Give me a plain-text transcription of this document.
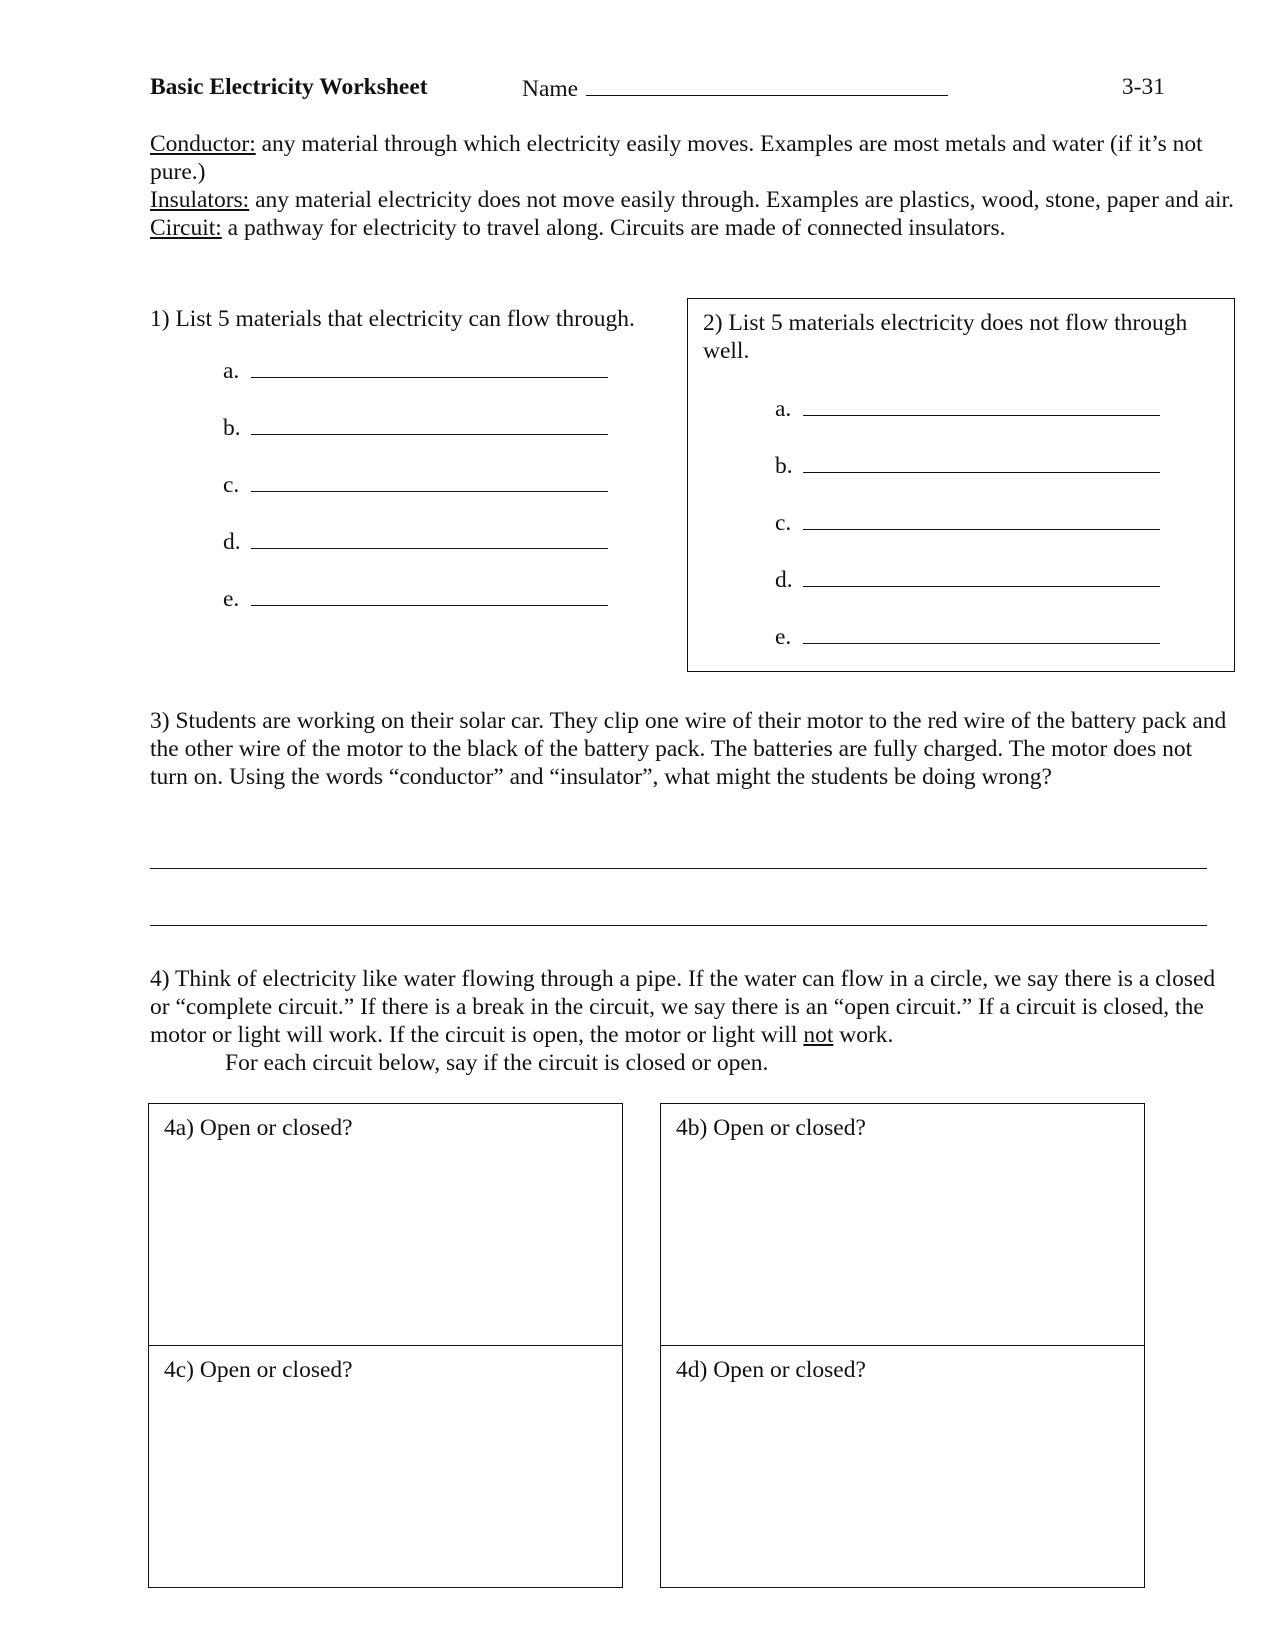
Basic Electricity Worksheet	Name	3-31

Conductor: any material through which electricity easily moves. Examples are most metals and water (if it’s not pure.)

Insulators: any material electricity does not move easily through. Examples are plastics, wood, stone, paper and air.

Circuit: a pathway for electricity to travel along. Circuits are made of connected insulators.

1) List 5 materials that electricity can flow through.
a.
b.
c.
d.
e.
2) List 5 materials electricity does not flow through well.
a.
b.
c.
d.
e.

3) Students are working on their solar car. They clip one wire of their motor to the red wire of the battery pack and the other wire of the motor to the black of the battery pack. The batteries are fully charged. The motor does not turn on. Using the words “conductor” and “insulator”, what might the students be doing wrong?

4) Think of electricity like water flowing through a pipe. If the water can flow in a circle, we say there is a closed or “complete circuit.” If there is a break in the circuit, we say there is an “open circuit.” If a circuit is closed, the motor or light will work. If the circuit is open, the motor or light will not work.

For each circuit below, say if the circuit is closed or open.

4a) Open or closed?
4c) Open or closed?
4b) Open or closed?
4d) Open or closed?
